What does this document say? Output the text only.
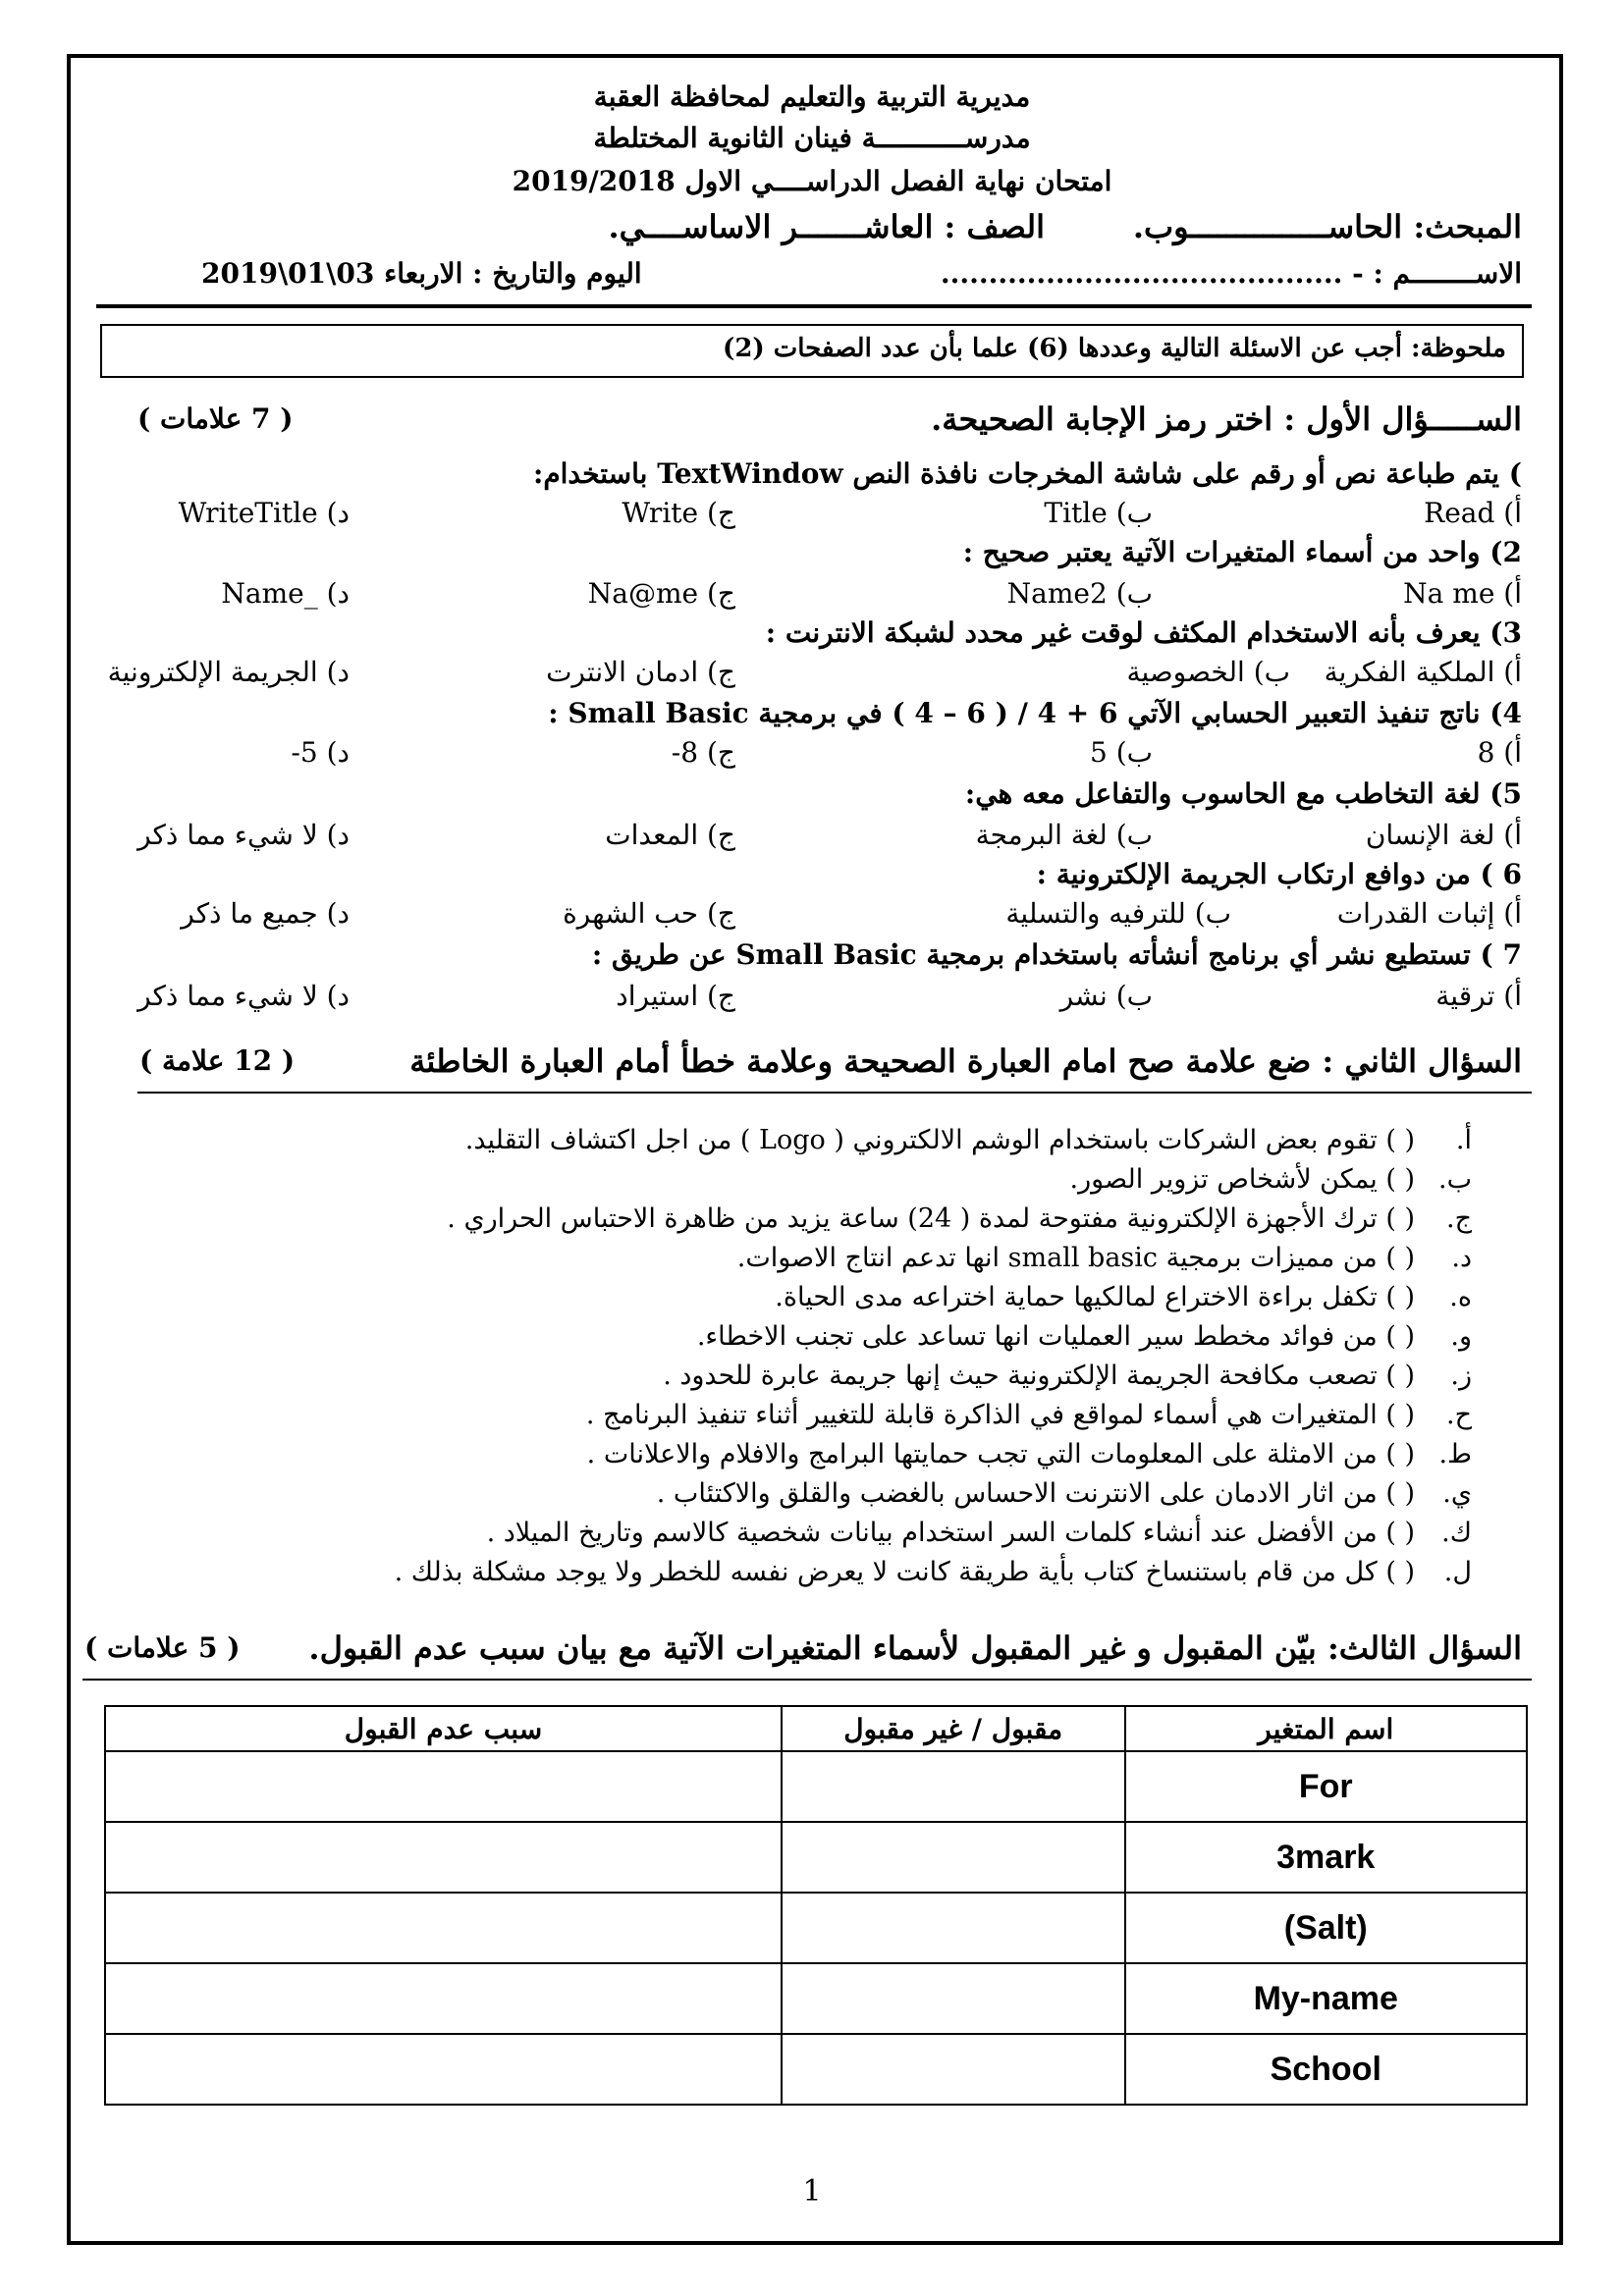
مديرية التربية والتعليم لمحافظة العقبة
مدرســـــــــــة فينان الثانوية المختلطة
امتحان نهاية الفصل الدراســــي الاول 2019/2018
المبحث: الحاســـــــــــــــوب.
الصف : العاشـــــــر الاساســــي.
الاســــــــم : - ..........................................
اليوم والتاريخ : الاربعاء 03\01\2019
ملحوظة: أجب عن الاسئلة التالية وعددها (6) علما بأن عدد الصفحات (2)
الســـــؤال الأول : اختر رمز الإجابة الصحيحة.
( 7 علامات )
) يتم طباعة نص أو رقم على شاشة المخرجات نافذة النص TextWindow باستخدام:
أ) Read
ب) Title
ج) Write
د) WriteTitle
2) واحد من أسماء المتغيرات الآتية يعتبر صحيح :
أ) Na me
ب) Name2
ج) Na@me
د) _Name
3) يعرف بأنه الاستخدام المكثف لوقت غير محدد لشبكة الانترنت :
أ) الملكية الفكرية
ب) الخصوصية
ج) ادمان الانترت
د) الجريمة الإلكترونية
4) ناتج تنفيذ التعبير الحسابي الآتي 6 + 4 / ( 6 – 4 ) في برمجية Small Basic :
أ) 8
ب) 5
ج) 8-
د) 5-
5) لغة التخاطب مع الحاسوب والتفاعل معه هي:
أ) لغة الإنسان
ب) لغة البرمجة
ج) المعدات
د) لا شيء مما ذكر
6 ) من دوافع ارتكاب الجريمة الإلكترونية :
أ) إثبات القدرات
ب) للترفيه والتسلية
ج) حب الشهرة
د) جميع ما ذكر
7 ) تستطيع نشر أي برنامج أنشأته باستخدام برمجية Small Basic عن طريق :
أ) ترقية
ب) نشر
ج) استيراد
د) لا شيء مما ذكر
السؤال الثاني : ضع علامة صح امام العبارة الصحيحة وعلامة خطأ أمام العبارة الخاطئة
( 12 علامة )
أ.
( ) تقوم بعض الشركات باستخدام الوشم الالكتروني ( Logo ) من اجل اكتشاف التقليد.
ب.
( ) يمكن لأشخاص تزوير الصور.
ج.
( ) ترك الأجهزة الإلكترونية مفتوحة لمدة ( 24) ساعة يزيد من ظاهرة الاحتباس الحراري .
د.
( ) من مميزات برمجية small basic انها تدعم انتاج الاصوات.
ه.
( ) تكفل براءة الاختراع لمالكيها حماية اختراعه مدى الحياة.
و.
( ) من فوائد مخطط سير العمليات انها تساعد على تجنب الاخطاء.
ز.
( ) تصعب مكافحة الجريمة الإلكترونية حيث إنها جريمة عابرة للحدود .
ح.
( ) المتغيرات هي أسماء لمواقع في الذاكرة قابلة للتغيير أثناء تنفيذ البرنامج .
ط.
( ) من الامثلة على المعلومات التي تجب حمايتها البرامج والافلام والاعلانات .
ي.
( ) من اثار الادمان على الانترنت الاحساس بالغضب والقلق والاكتئاب .
ك.
( ) من الأفضل عند أنشاء كلمات السر استخدام بيانات شخصية كالاسم وتاريخ الميلاد .
ل.
( ) كل من قام باستنساخ كتاب بأية طريقة كانت لا يعرض نفسه للخطر ولا يوجد مشكلة بذلك .
السؤال الثالث: بيّن المقبول و غير المقبول لأسماء المتغيرات الآتية مع بيان سبب عدم القبول.
( 5 علامات )
اسم المتغير	مقبول / غير مقبول	سبب عدم القبول
For		
3mark		
(Salt)		
My-name		
School		
1
